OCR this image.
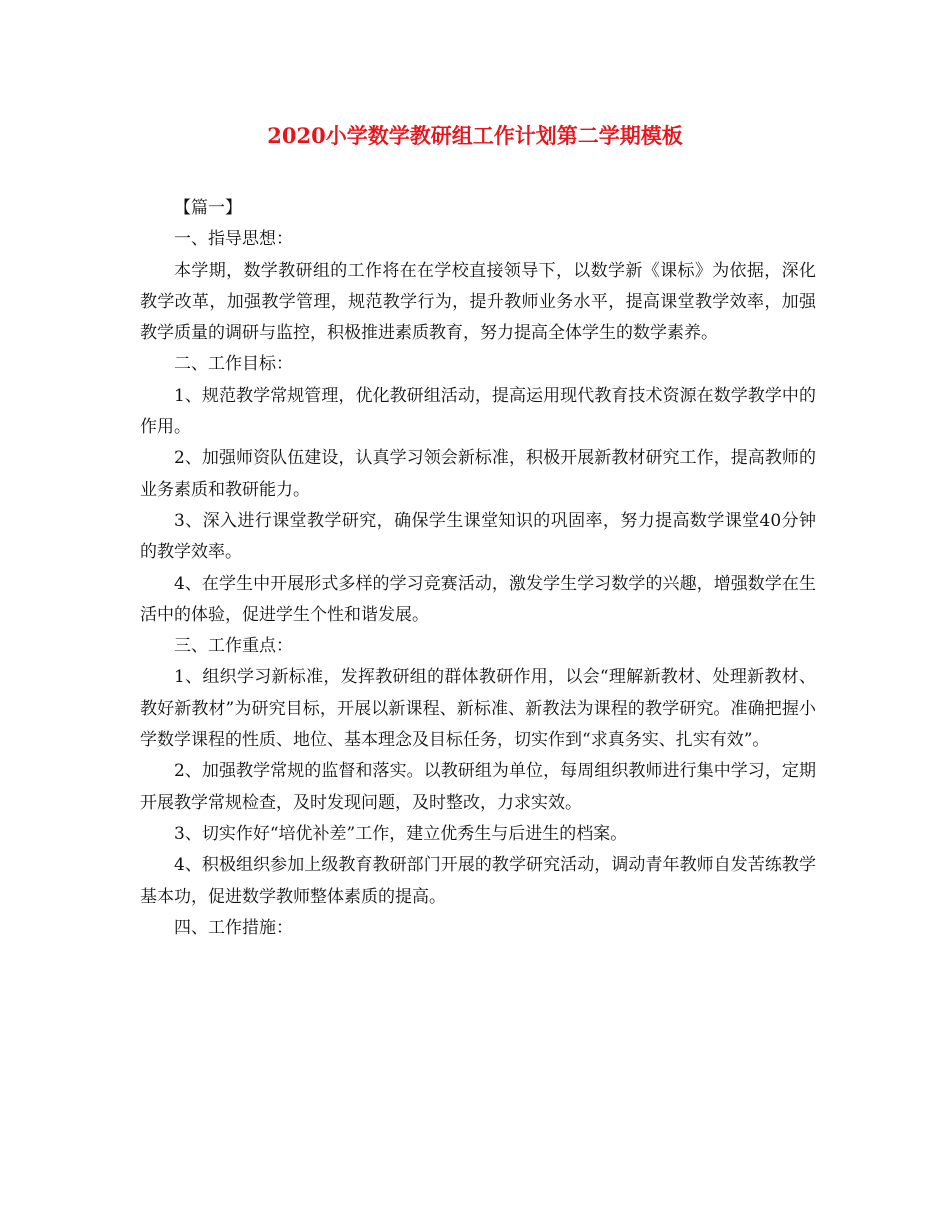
2020小学数学教研组工作计划第二学期模板

【篇一】

一、指导思想：

本学期，数学教研组的工作将在在学校直接领导下，以数学新《课标》为依据，深化教学改革，加强教学管理，规范教学行为，提升教师业务水平，提高课堂教学效率，加强教学质量的调研与监控，积极推进素质教育，努力提高全体学生的数学素养。

二、工作目标：

1、规范教学常规管理，优化教研组活动，提高运用现代教育技术资源在数学教学中的作用。

2、加强师资队伍建设，认真学习领会新标准，积极开展新教材研究工作，提高教师的业务素质和教研能力。

3、深入进行课堂教学研究，确保学生课堂知识的巩固率，努力提高数学课堂40分钟的教学效率。

4、在学生中开展形式多样的学习竞赛活动，激发学生学习数学的兴趣，增强数学在生活中的体验，促进学生个性和谐发展。

三、工作重点：

1、组织学习新标准，发挥教研组的群体教研作用，以会“理解新教材、处理新教材、教好新教材”为研究目标，开展以新课程、新标准、新教法为课程的教学研究。准确把握小学数学课程的性质、地位、基本理念及目标任务，切实作到“求真务实、扎实有效”。

2、加强教学常规的监督和落实。以教研组为单位，每周组织教师进行集中学习，定期开展教学常规检查，及时发现问题，及时整改，力求实效。

3、切实作好“培优补差”工作，建立优秀生与后进生的档案。

4、积极组织参加上级教育教研部门开展的教学研究活动，调动青年教师自发苦练教学基本功，促进数学教师整体素质的提高。

四、工作措施：
